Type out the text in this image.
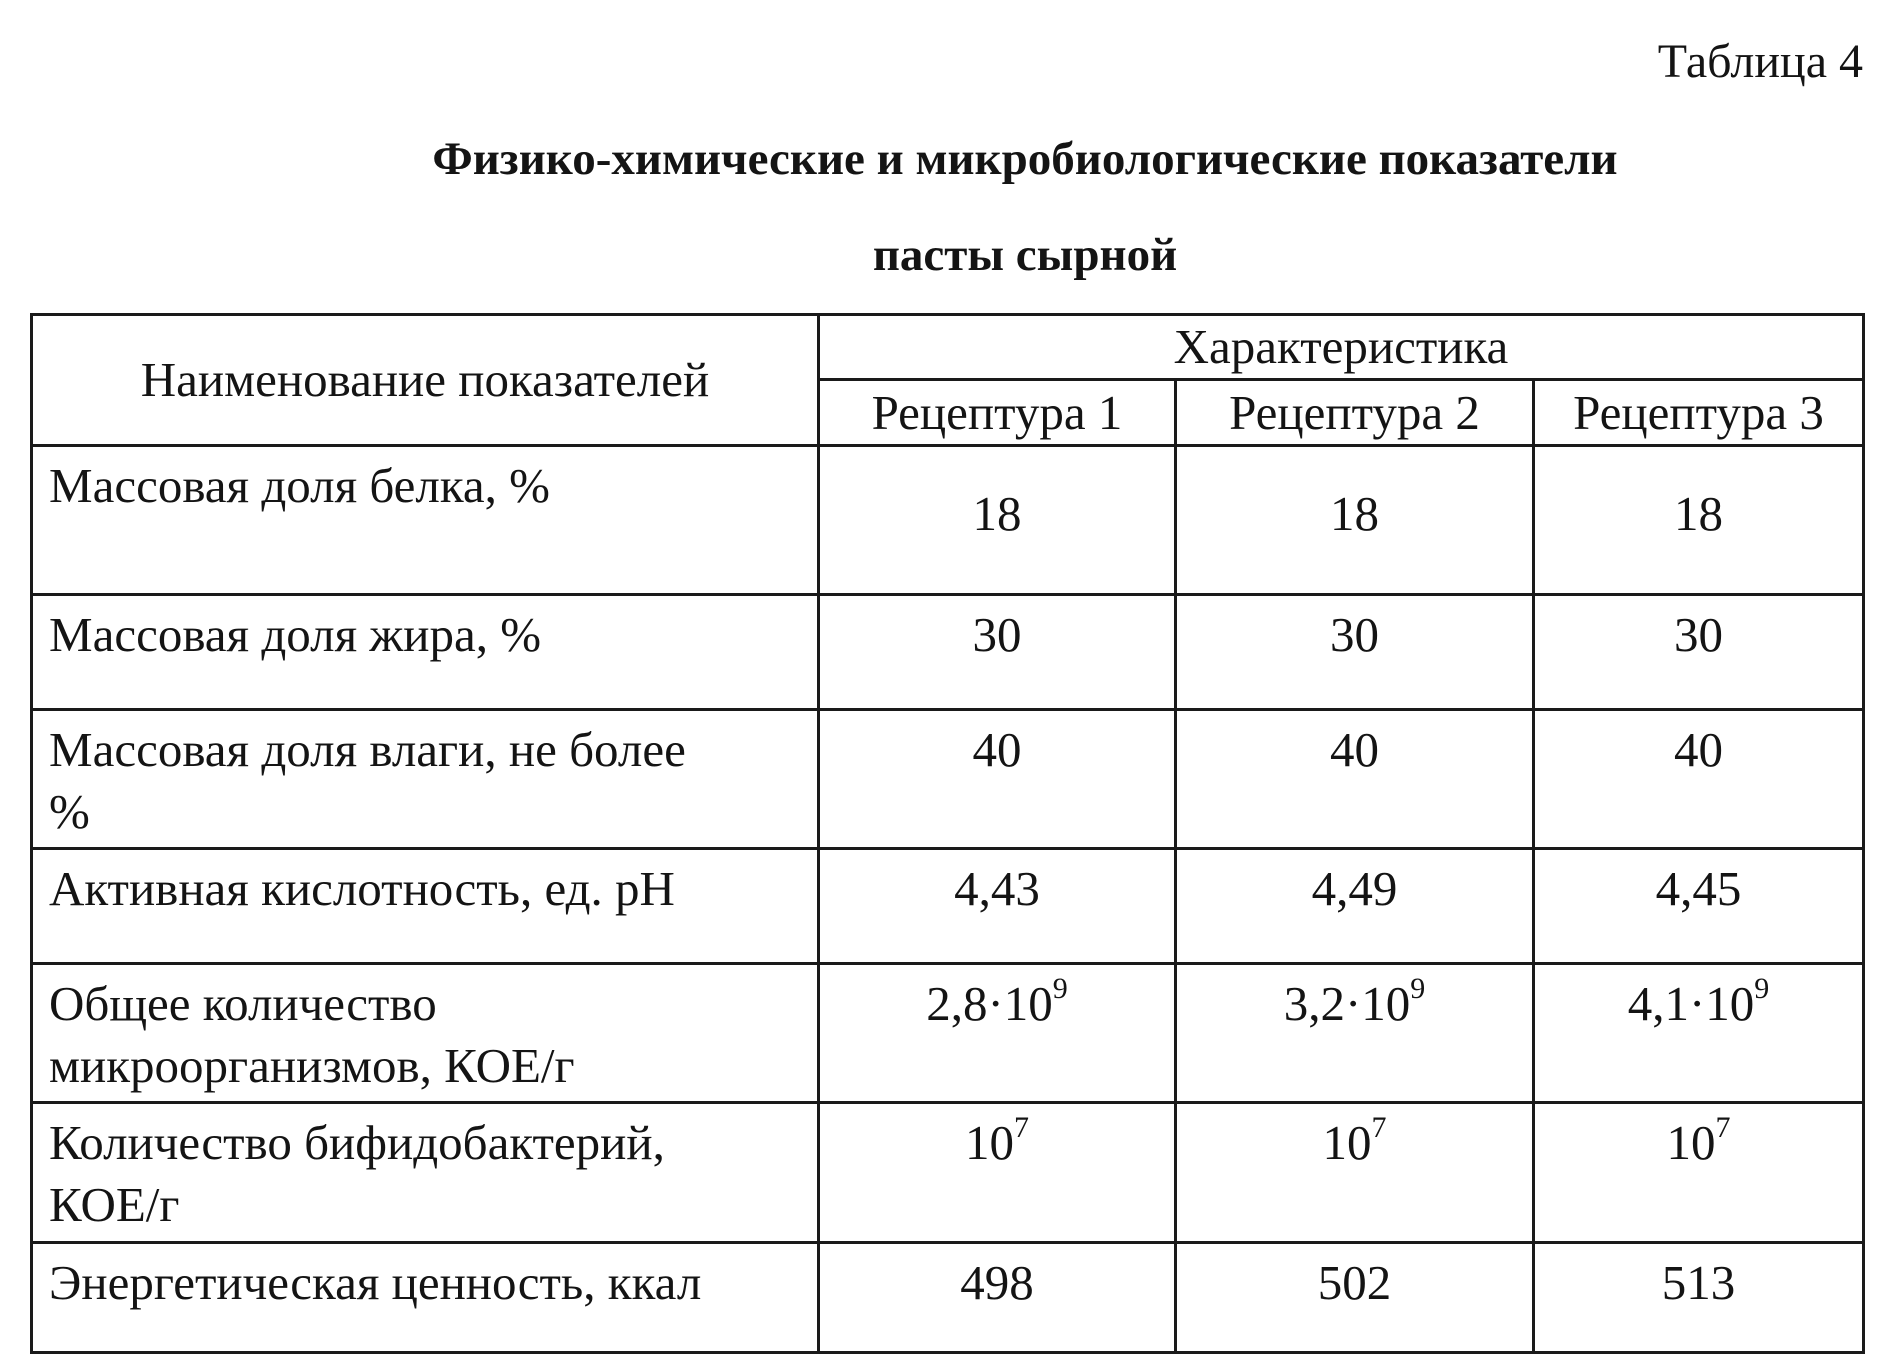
Таблица 4
Физико-химические и микробиологические показатели
пасты сырной
Наименование показателей	Характеристика		
	Рецептура 1	Рецептура 2	Рецептура 3
Массовая доля белка, %	18	18	18
Массовая доля жира, %	30	30	30
Массовая доля влаги, не более
%	40	40	40
Активная кислотность, ед. pH	4,43	4,49	4,45
Общее количество
микроорганизмов, КОЕ/г	$2,8\cdot 10^9$	$3,2\cdot 10^9$	$4,1\cdot 10^9$
Количество бифидобактерий,
КОЕ/г	$10^7$	$10^7$	$10^7$
Энергетическая ценность, ккал	498	502	513
